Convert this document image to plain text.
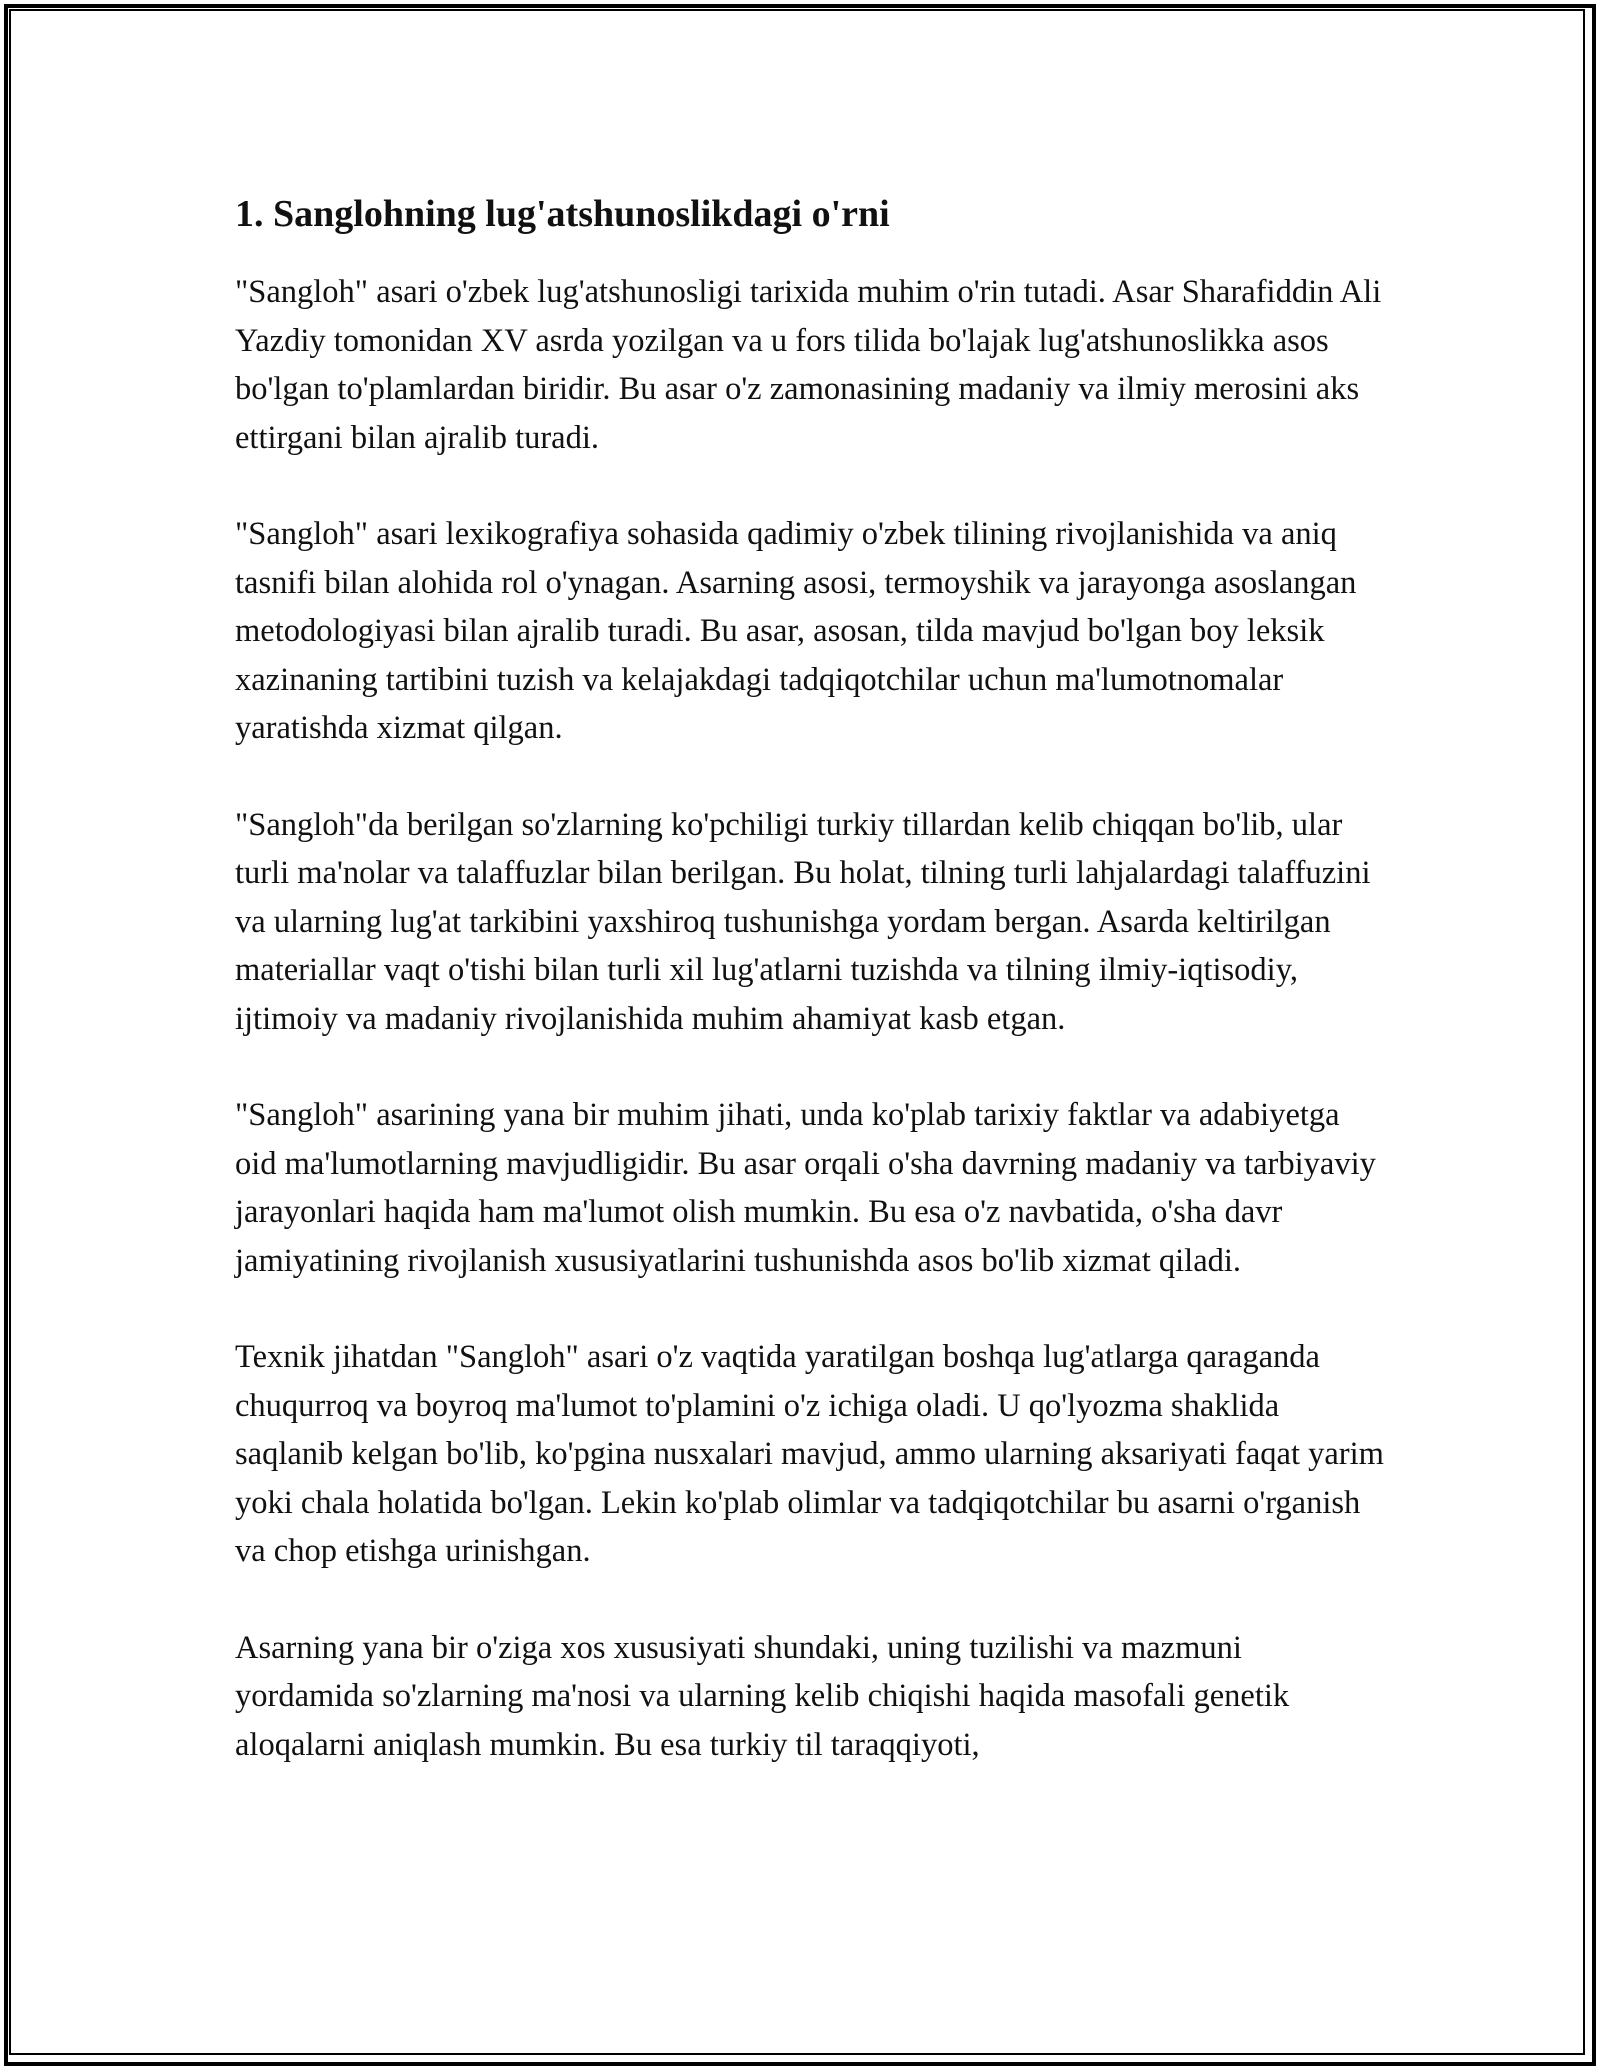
1. Sanglohning lug'atshunoslikdagi o'rni

"Sangloh" asari o'zbek lug'atshunosligi tarixida muhim o'rin tutadi. Asar Sharafiddin Ali Yazdiy tomonidan XV asrda yozilgan va u fors tilida bo'lajak lug'atshunoslikka asos bo'lgan to'plamlardan biridir. Bu asar o'z zamonasining madaniy va ilmiy merosini aks ettirgani bilan ajralib turadi.

"Sangloh" asari lexikografiya sohasida qadimiy o'zbek tilining rivojlanishida va aniq tasnifi bilan alohida rol o'ynagan. Asarning asosi, termoyshik va jarayonga asoslangan metodologiyasi bilan ajralib turadi. Bu asar, asosan, tilda mavjud bo'lgan boy leksik xazinaning tartibini tuzish va kelajakdagi tadqiqotchilar uchun ma'lumotnomalar yaratishda xizmat qilgan.

"Sangloh"da berilgan so'zlarning ko'pchiligi turkiy tillardan kelib chiqqan bo'lib, ular turli ma'nolar va talaffuzlar bilan berilgan. Bu holat, tilning turli lahjalardagi talaffuzini va ularning lug'at tarkibini yaxshiroq tushunishga yordam bergan. Asarda keltirilgan materiallar vaqt o'tishi bilan turli xil lug'atlarni tuzishda va tilning ilmiy-iqtisodiy, ijtimoiy va madaniy rivojlanishida muhim ahamiyat kasb etgan.

"Sangloh" asarining yana bir muhim jihati, unda ko'plab tarixiy faktlar va adabiyetga oid ma'lumotlarning mavjudligidir. Bu asar orqali o'sha davrning madaniy va tarbiyaviy jarayonlari haqida ham ma'lumot olish mumkin. Bu esa o'z navbatida, o'sha davr jamiyatining rivojlanish xususiyatlarini tushunishda asos bo'lib xizmat qiladi.

Texnik jihatdan "Sangloh" asari o'z vaqtida yaratilgan boshqa lug'atlarga qaraganda chuqurroq va boyroq ma'lumot to'plamini o'z ichiga oladi. U qo'lyozma shaklida saqlanib kelgan bo'lib, ko'pgina nusxalari mavjud, ammo ularning aksariyati faqat yarim yoki chala holatida bo'lgan. Lekin ko'plab olimlar va tadqiqotchilar bu asarni o'rganish va chop etishga urinishgan.

Asarning yana bir o'ziga xos xususiyati shundaki, uning tuzilishi va mazmuni yordamida so'zlarning ma'nosi va ularning kelib chiqishi haqida masofali genetik aloqalarni aniqlash mumkin. Bu esa turkiy til taraqqiyoti,
